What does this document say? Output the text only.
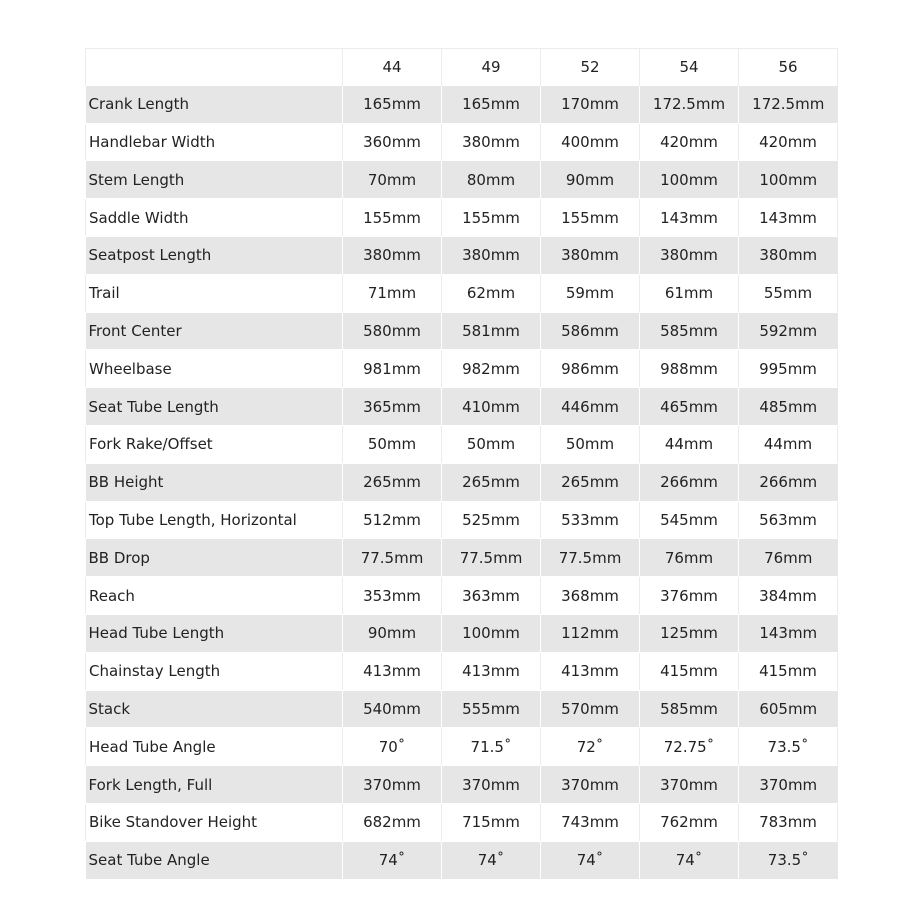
	44	49	52	54	56
Crank Length	165mm	165mm	170mm	172.5mm	172.5mm
Handlebar Width	360mm	380mm	400mm	420mm	420mm
Stem Length	70mm	80mm	90mm	100mm	100mm
Saddle Width	155mm	155mm	155mm	143mm	143mm
Seatpost Length	380mm	380mm	380mm	380mm	380mm
Trail	71mm	62mm	59mm	61mm	55mm
Front Center	580mm	581mm	586mm	585mm	592mm
Wheelbase	981mm	982mm	986mm	988mm	995mm
Seat Tube Length	365mm	410mm	446mm	465mm	485mm
Fork Rake/Offset	50mm	50mm	50mm	44mm	44mm
BB Height	265mm	265mm	265mm	266mm	266mm
Top Tube Length, Horizontal	512mm	525mm	533mm	545mm	563mm
BB Drop	77.5mm	77.5mm	77.5mm	76mm	76mm
Reach	353mm	363mm	368mm	376mm	384mm
Head Tube Length	90mm	100mm	112mm	125mm	143mm
Chainstay Length	413mm	413mm	413mm	415mm	415mm
Stack	540mm	555mm	570mm	585mm	605mm
Head Tube Angle	70˚	71.5˚	72˚	72.75˚	73.5˚
Fork Length, Full	370mm	370mm	370mm	370mm	370mm
Bike Standover Height	682mm	715mm	743mm	762mm	783mm
Seat Tube Angle	74˚	74˚	74˚	74˚	73.5˚
